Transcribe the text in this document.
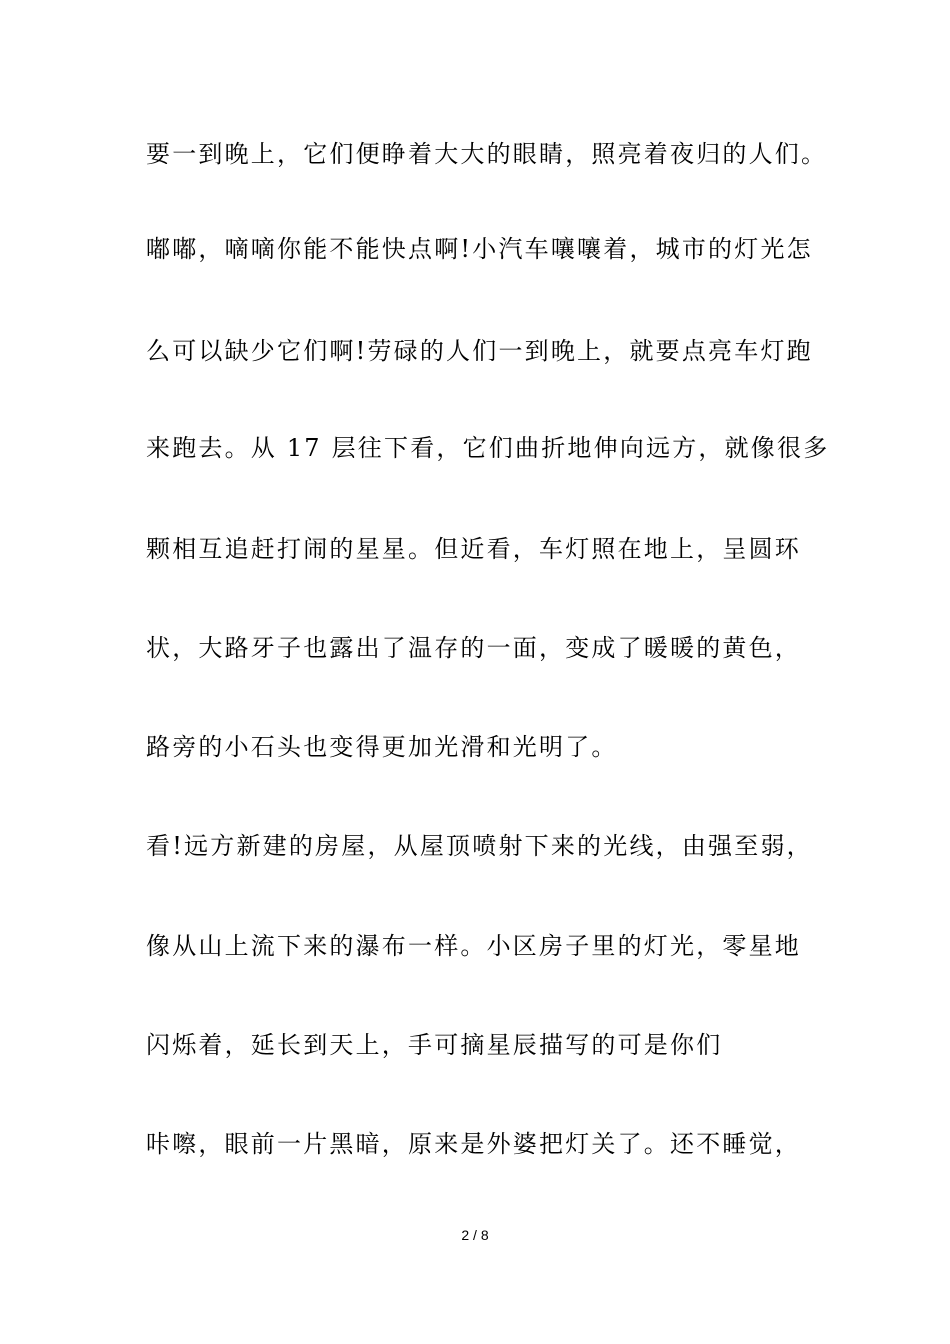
要一到晚上，它们便睁着大大的眼睛，照亮着夜归的人们。
嘟嘟，嘀嘀你能不能快点啊!小汽车嚷嚷着，城市的灯光怎
么可以缺少它们啊!劳碌的人们一到晚上，就要点亮车灯跑
来跑去。从 17 层往下看，它们曲折地伸向远方，就像很多
颗相互追赶打闹的星星。但近看，车灯照在地上，呈圆环
状，大路牙子也露出了温存的一面，变成了暖暖的黄色，
路旁的小石头也变得更加光滑和光明了。
看!远方新建的房屋，从屋顶喷射下来的光线，由强至弱，
像从山上流下来的瀑布一样。小区房子里的灯光，零星地
闪烁着，延长到天上，手可摘星辰描写的可是你们
咔嚓，眼前一片黑暗，原来是外婆把灯关了。还不睡觉，
2 / 8
